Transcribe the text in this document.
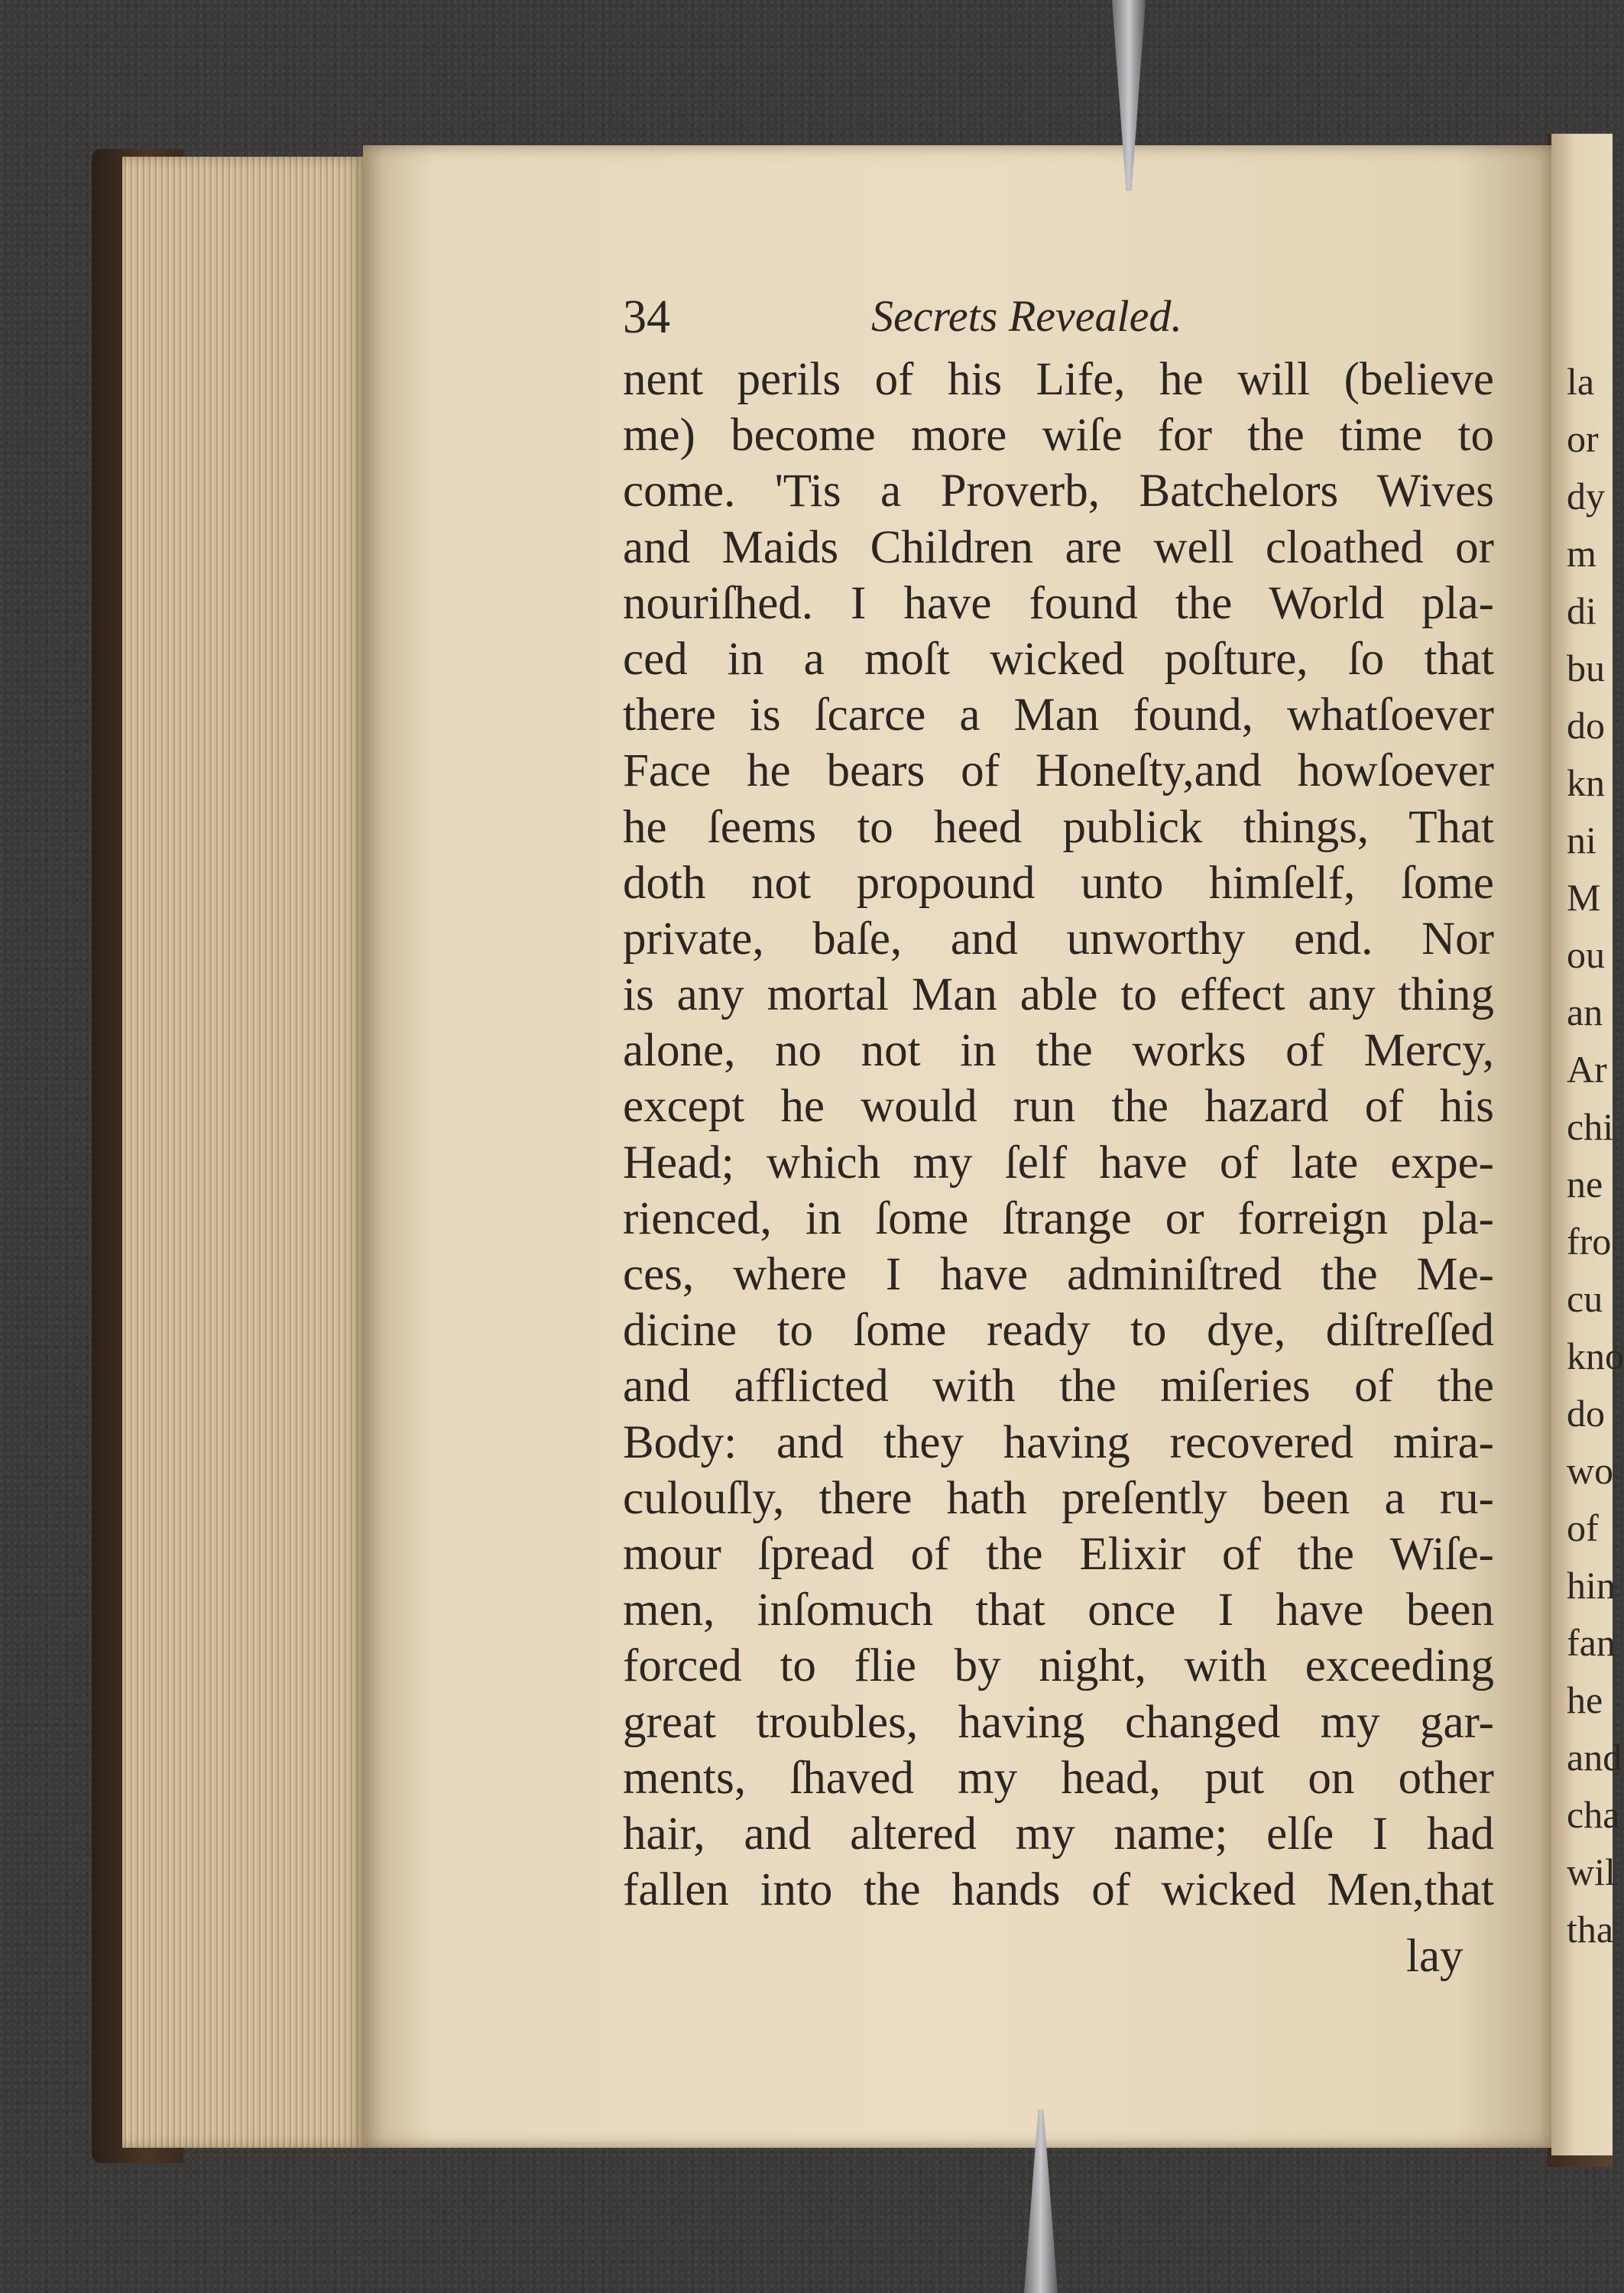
la
or
dy
m
di
bu
do
kn
ni
M
ou
an
Ar
chi
ne
fro
cu
kno
do
wo
of
hin
fan
he
and
cha
wil
tha
34	Secrets Revealed.
nent perils of his Life, he will (believe
me) become more wiſe for the time to
come. 'Tis a Proverb, Batchelors Wives
and Maids Children are well cloathed or
nouriſhed. I have found the World pla-
ced in a moſt wicked poſture, ſo that
there is ſcarce a Man found, whatſoever
Face he bears of Honeſty,and howſoever
he ſeems to heed publick things, That
doth not propound unto himſelf, ſome
private, baſe, and unworthy end. Nor
is any mortal Man able to effect any thing
alone, no not in the works of Mercy,
except he would run the hazard of his
Head; which my ſelf have of late expe-
rienced, in ſome ſtrange or forreign pla-
ces, where I have adminiſtred the Me-
dicine to ſome ready to dye, diſtreſſed
and afflicted with the miſeries of the
Body: and they having recovered mira-
culouſly, there hath preſently been a ru-
mour ſpread of the Elixir of the Wiſe-
men, inſomuch that once I have been
forced to flie by night, with exceeding
great troubles, having changed my gar-
ments, ſhaved my head, put on other
hair, and altered my name; elſe I had
fallen into the hands of wicked Men,that
lay
